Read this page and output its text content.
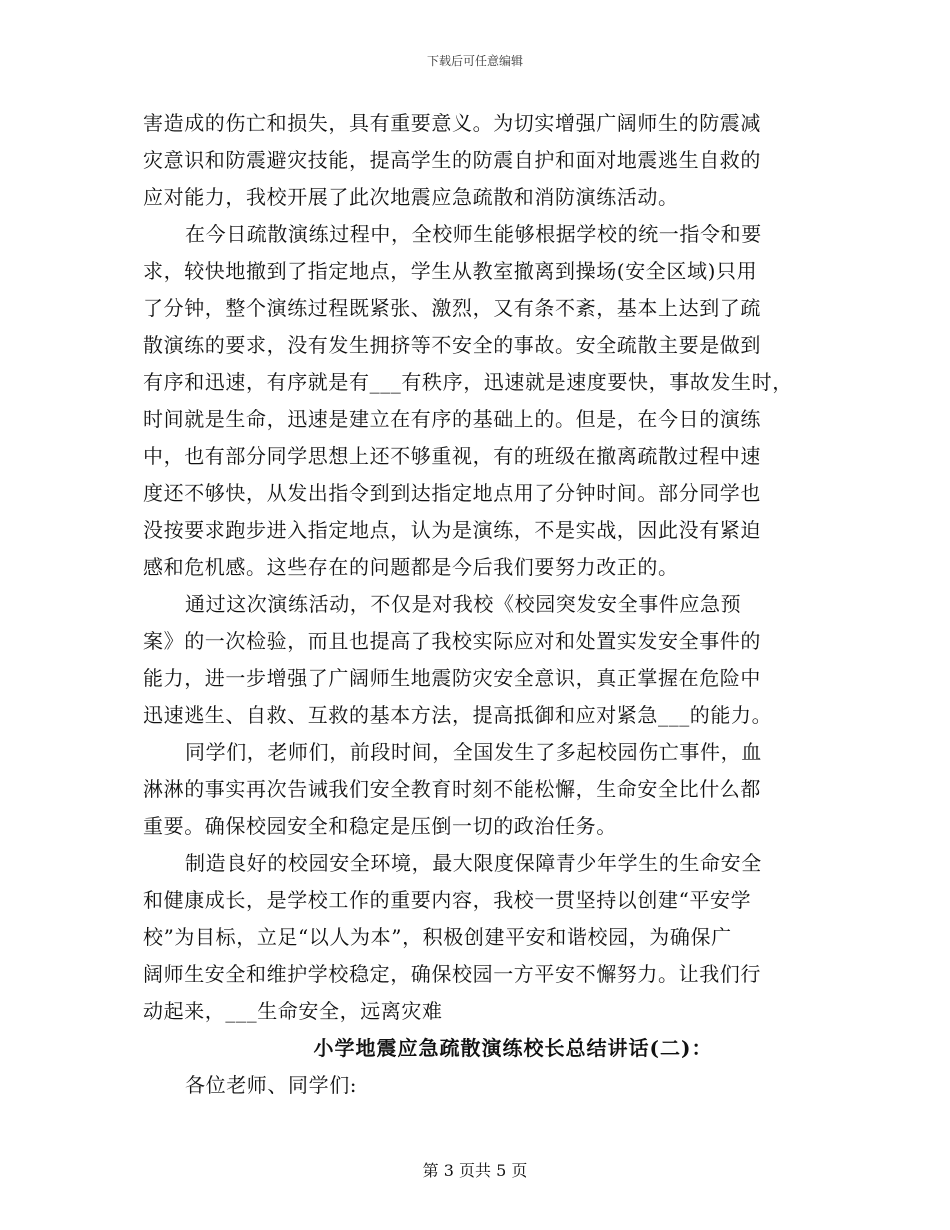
下载后可任意编辑
害造成的伤亡和损失，具有重要意义。为切实增强广阔师生的防震减
灾意识和防震避灾技能，提高学生的防震自护和面对地震逃生自救的
应对能力，我校开展了此次地震应急疏散和消防演练活动。
在今日疏散演练过程中，全校师生能够根据学校的统一指令和要
求，较快地撤到了指定地点，学生从教室撤离到操场(安全区域)只用
了分钟，整个演练过程既紧张、激烈，又有条不紊，基本上达到了疏
散演练的要求，没有发生拥挤等不安全的事故。安全疏散主要是做到
有序和迅速，有序就是有___有秩序，迅速就是速度要快，事故发生时，
时间就是生命，迅速是建立在有序的基础上的。但是，在今日的演练
中，也有部分同学思想上还不够重视，有的班级在撤离疏散过程中速
度还不够快，从发出指令到到达指定地点用了分钟时间。部分同学也
没按要求跑步进入指定地点，认为是演练，不是实战，因此没有紧迫
感和危机感。这些存在的问题都是今后我们要努力改正的。
通过这次演练活动，不仅是对我校《校园突发安全事件应急预
案》的一次检验，而且也提高了我校实际应对和处置实发安全事件的
能力，进一步增强了广阔师生地震防灾安全意识，真正掌握在危险中
迅速逃生、自救、互救的基本方法，提高抵御和应对紧急___的能力。
同学们，老师们，前段时间，全国发生了多起校园伤亡事件，血
淋淋的事实再次告诫我们安全教育时刻不能松懈，生命安全比什么都
重要。确保校园安全和稳定是压倒一切的政治任务。
制造良好的校园安全环境，最大限度保障青少年学生的生命安全
和健康成长，是学校工作的重要内容，我校一贯坚持以创建“平安学
校”为目标，立足“以人为本”，积极创建平安和谐校园，为确保广
阔师生安全和维护学校稳定，确保校园一方平安不懈努力。让我们行
动起来，___生命安全，远离灾难
小学地震应急疏散演练校长总结讲话(二)：
各位老师、同学们:
第 3 页共 5 页
